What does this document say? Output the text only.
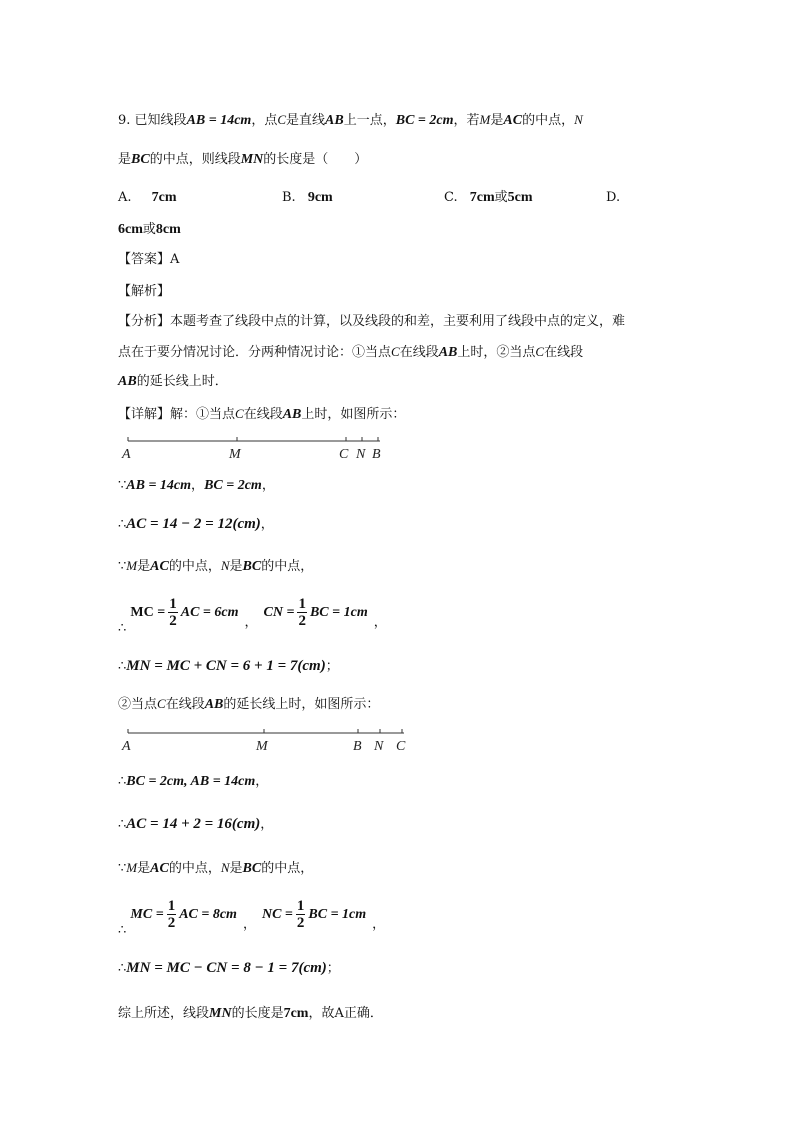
9. 已知线段AB = 14cm，点C是直线AB上一点，BC = 2cm，若M是AC的中点，N
是BC的中点，则线段MN的长度是（　　）
A. 7cm	B. 9cm	C. 7cm或5cm	D.
6cm或8cm
【答案】A
【解析】
【分析】本题考查了线段中点的计算，以及线段的和差，主要利用了线段中点的定义，难
点在于要分情况讨论．分两种情况讨论：①当点C在线段AB上时，②当点C在线段
AB的延长线上时．
【详解】解：①当点C在线段AB上时，如图所示：
A	M	C N B
∵AB = 14cm，BC = 2cm，
∴AC = 14 − 2 = 12(cm)，
∵M是AC的中点，N是BC的中点，
∴ MC = $\frac{1}{2}$ AC = 6cm，CN = $\frac{1}{2}$ BC = 1cm，
∴MN = MC + CN = 6 + 1 = 7(cm)；
②当点C在线段AB的延长线上时，如图所示：
A	M	B N C
∴BC = 2cm, AB = 14cm，
∴AC = 14 + 2 = 16(cm)，
∵M是AC的中点，N是BC的中点，
∴ MC = $\frac{1}{2}$ AC = 8cm，NC = $\frac{1}{2}$ BC = 1cm，
∴MN = MC − CN = 8 − 1 = 7(cm)；
综上所述，线段MN的长度是7cm，故A正确．
